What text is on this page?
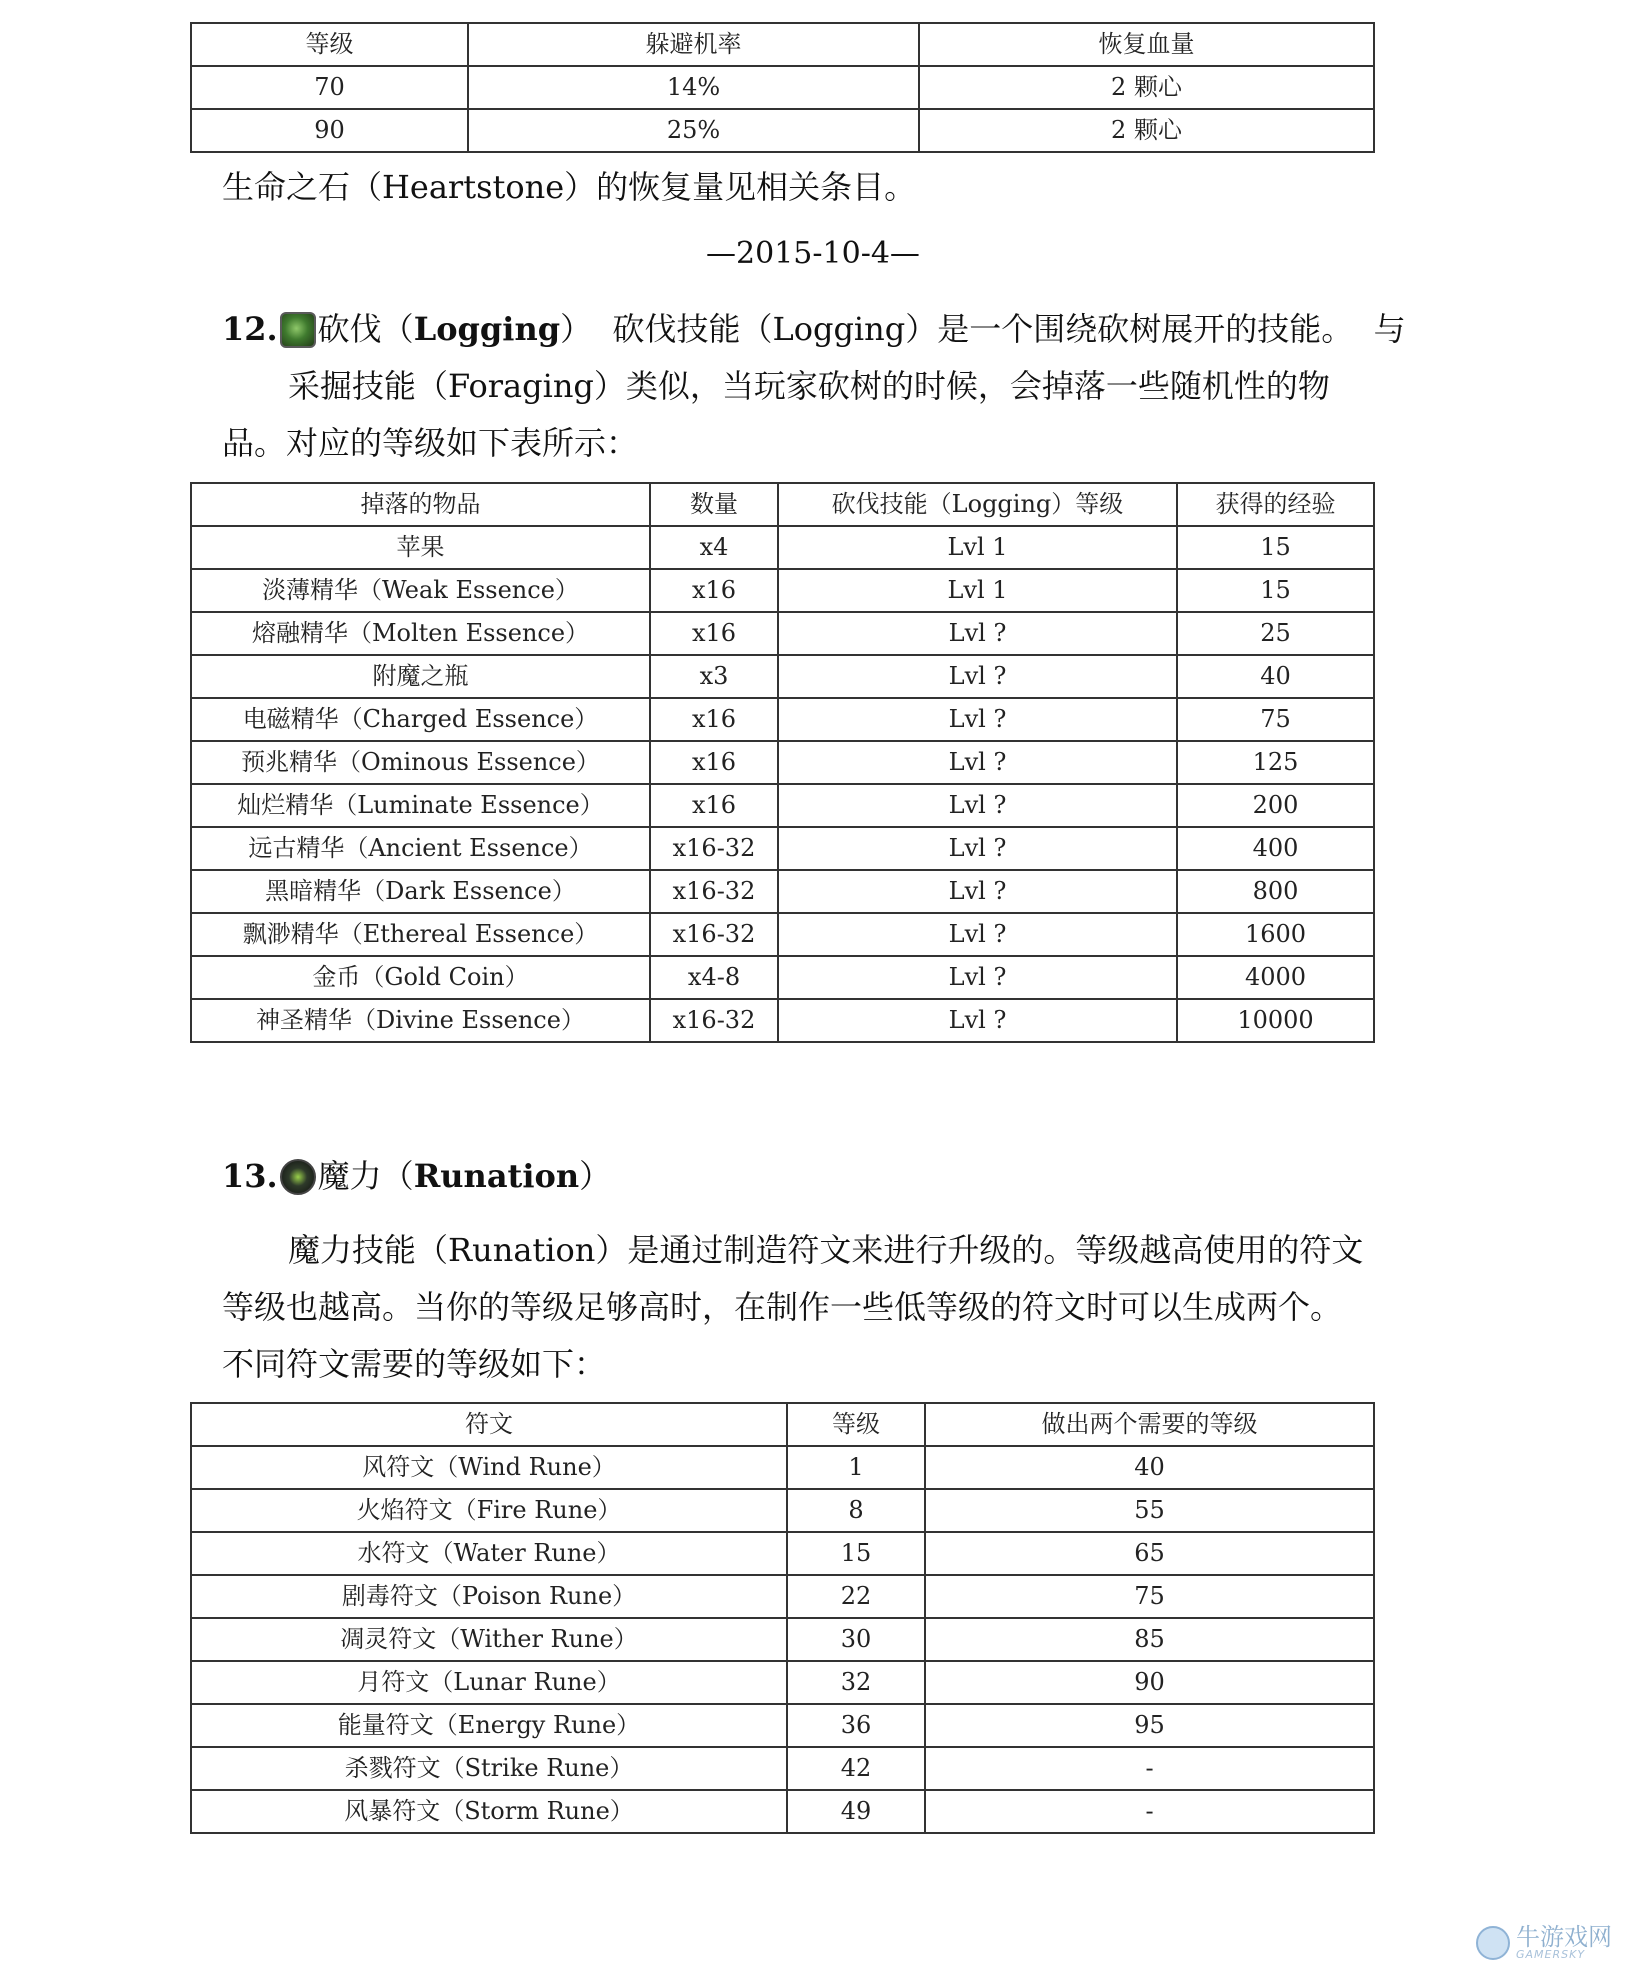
等级	躲避机率	恢复血量
70	14%	2 颗心
90	25%	2 颗心
生命之石（Heartstone）的恢复量见相关条目。
—2015-10-4—
12. 砍伐（ Logging ） 砍伐技能（Logging）是一个围绕砍树展开的技能。  与
采掘技能（Foraging）类似，当玩家砍树的时候，会掉落一些随机性的物
品。对应的等级如下表所示：
掉落的物品	数量	砍伐技能（Logging）等级	获得的经验
苹果	x4	Lvl 1	15
淡薄精华（Weak Essence）	x16	Lvl 1	15
熔融精华（Molten Essence）	x16	Lvl ?	25
附魔之瓶	x3	Lvl ?	40
电磁精华（Charged Essence）	x16	Lvl ?	75
预兆精华（Ominous Essence）	x16	Lvl ?	125
灿烂精华（Luminate Essence）	x16	Lvl ?	200
远古精华（Ancient Essence）	x16-32	Lvl ?	400
黑暗精华（Dark Essence）	x16-32	Lvl ?	800
飘渺精华（Ethereal Essence）	x16-32	Lvl ?	1600
金币（Gold Coin）	x4-8	Lvl ?	4000
神圣精华（Divine Essence）	x16-32	Lvl ?	10000
13. 魔力（ Runation ）
魔力技能（Runation）是通过制造符文来进行升级的。等级越高使用的符文
等级也越高。当你的等级足够高时，在制作一些低等级的符文时可以生成两个。
不同符文需要的等级如下：
符文	等级	做出两个需要的等级
风符文（Wind Rune）	1	40
火焰符文（Fire Rune）	8	55
水符文（Water Rune）	15	65
剧毒符文（Poison Rune）	22	75
凋灵符文（Wither Rune）	30	85
月符文（Lunar Rune）	32	90
能量符文（Energy Rune）	36	95
杀戮符文（Strike Rune）	42	-
风暴符文（Storm Rune）	49	-
牛游戏网
GAMERSKY
